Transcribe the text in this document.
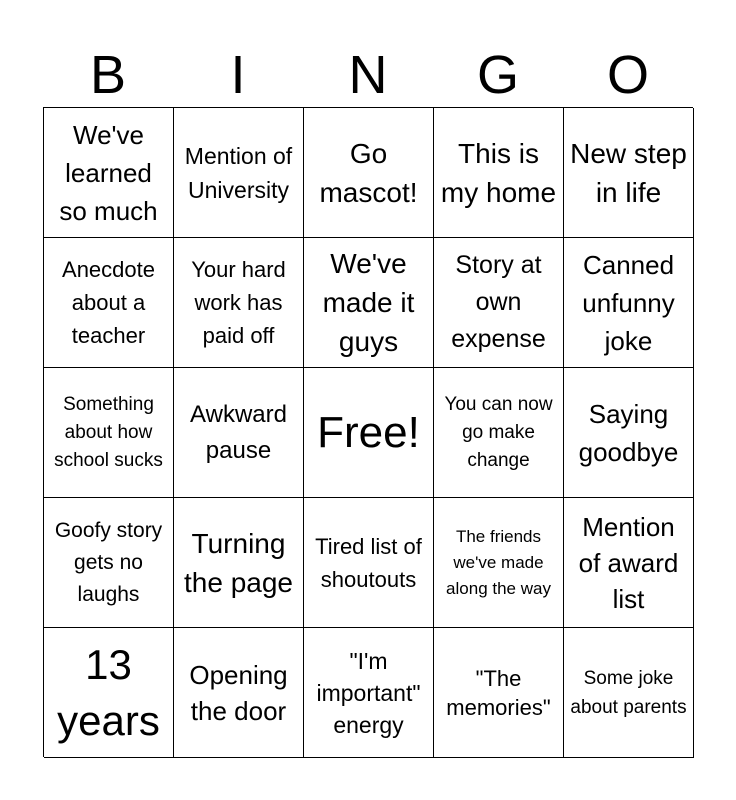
B	I	N	G	O
We've learned so much
Mention of University
Go mascot!
This is my home
New step in life
Anecdote about a teacher
Your hard work has paid off
We've made it guys
Story at own expense
Canned unfunny joke
Something about how school sucks
Awkward pause	Free!
You can now go make change
Saying goodbye
Goofy story gets no laughs
Turning the page
Tired list of shoutouts
The friends we've made along the way
Mention of award list
13 years
Opening the door
"I'm important" energy
"The memories"
Some joke about parents
